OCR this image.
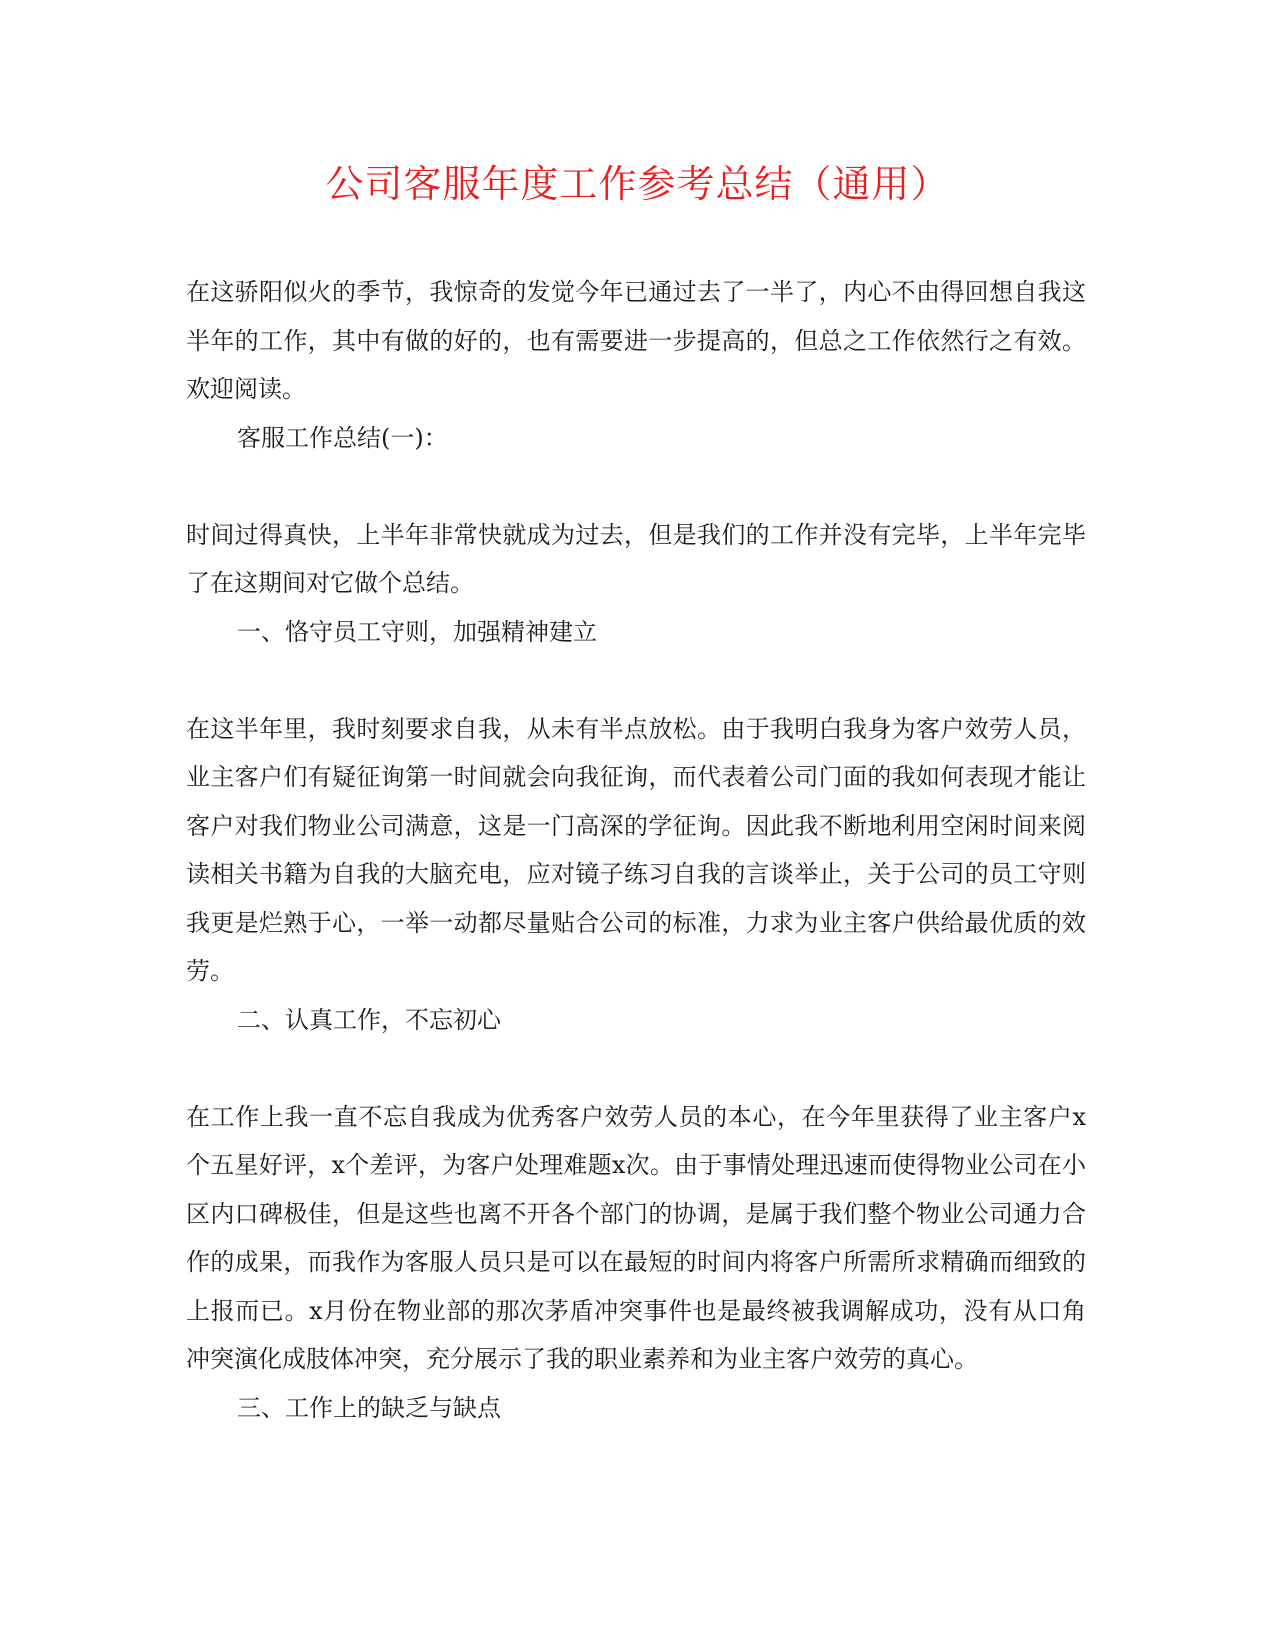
公司客服年度工作参考总结（通用）

在这骄阳似火的季节，我惊奇的发觉今年已通过去了一半了，内心不由得回想自我这半年的工作，其中有做的好的，也有需要进一步提高的，但总之工作依然行之有效。欢迎阅读。

客服工作总结(一)：

时间过得真快，上半年非常快就成为过去，但是我们的工作并没有完毕，上半年完毕了在这期间对它做个总结。

一、恪守员工守则，加强精神建立

在这半年里，我时刻要求自我，从未有半点放松。由于我明白我身为客户效劳人员，业主客户们有疑征询第一时间就会向我征询，而代表着公司门面的我如何表现才能让客户对我们物业公司满意，这是一门高深的学征询。因此我不断地利用空闲时间来阅读相关书籍为自我的大脑充电，应对镜子练习自我的言谈举止，关于公司的员工守则我更是烂熟于心，一举一动都尽量贴合公司的标准，力求为业主客户供给最优质的效劳。

二、认真工作，不忘初心

在工作上我一直不忘自我成为优秀客户效劳人员的本心，在今年里获得了业主客户x个五星好评，x个差评，为客户处理难题x次。由于事情处理迅速而使得物业公司在小区内口碑极佳，但是这些也离不开各个部门的协调，是属于我们整个物业公司通力合作的成果，而我作为客服人员只是可以在最短的时间内将客户所需所求精确而细致的上报而已。x月份在物业部的那次茅盾冲突事件也是最终被我调解成功，没有从口角冲突演化成肢体冲突，充分展示了我的职业素养和为业主客户效劳的真心。

三、工作上的缺乏与缺点
